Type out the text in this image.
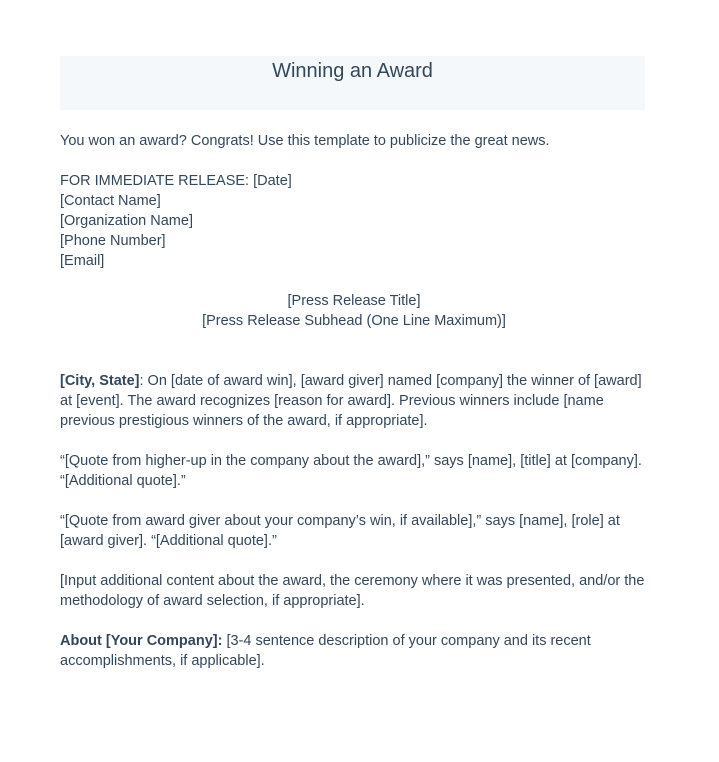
Winning an Award

You won an award? Congrats! Use this template to publicize the great news.

FOR IMMEDIATE RELEASE: [Date]

[Contact Name]

[Organization Name]

[Phone Number]

[Email]

[Press Release Title]

[Press Release Subhead (One Line Maximum)]

[City, State]: On [date of award win], [award giver] named [company] the winner of [award] at [event]. The award recognizes [reason for award]. Previous winners include [name previous prestigious winners of the award, if appropriate].

“[Quote from higher-up in the company about the award],” says [name], [title] at [company]. “[Additional quote].”

“[Quote from award giver about your company’s win, if available],” says [name], [role] at [award giver]. “[Additional quote].”

[Input additional content about the award, the ceremony where it was presented, and/or the methodology of award selection, if appropriate].

About [Your Company]: [3-4 sentence description of your company and its recent accomplishments, if applicable].
